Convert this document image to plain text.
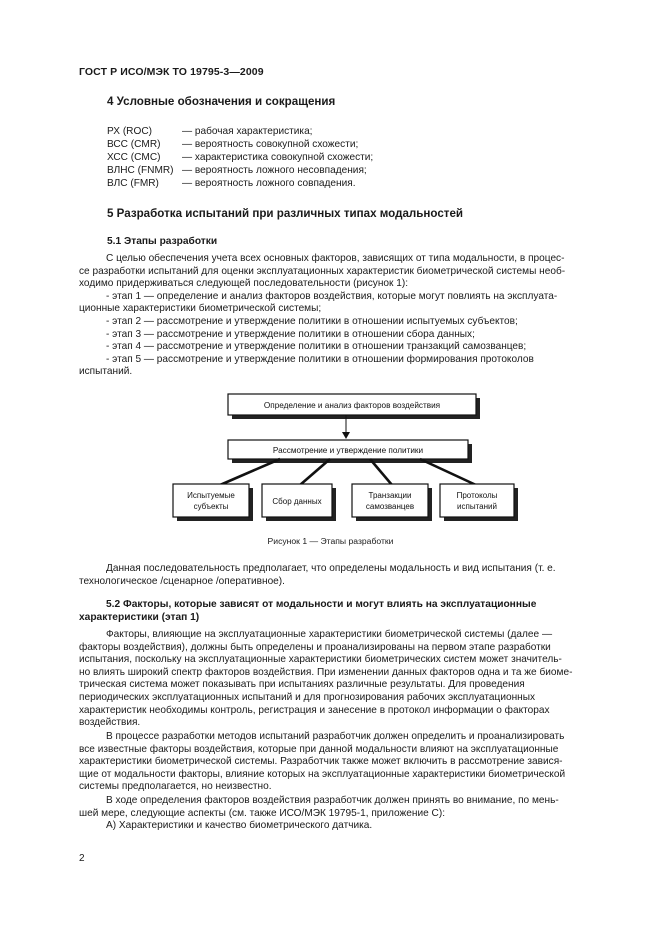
ГОСТ Р ИСО/МЭК ТО 19795-3—2009
4 Условные обозначения и сокращения
РХ (ROC)	— рабочая характеристика;
ВСС (CMR)	— вероятность совокупной схожести;
ХСС (CMC)	— характеристика совокупной схожести;
ВЛНС (FNMR) — вероятность ложного несовпадения;
ВЛС (FMR)	— вероятность ложного совпадения.
5 Разработка испытаний при различных типах модальностей
5.1 Этапы разработки
С целью обеспечения учета всех основных факторов, зависящих от типа модальности, в процес-
се разработки испытаний для оценки эксплуатационных характеристик биометрической системы необ-
ходимо придерживаться следующей последовательности (рисунок 1):
- этап 1 — определение и анализ факторов воздействия, которые могут повлиять на эксплуата-
ционные характеристики биометрической системы;
- этап 2 — рассмотрение и утверждение политики в отношении испытуемых субъектов;
- этап 3 — рассмотрение и утверждение политики в отношении сбора данных;
- этап 4 — рассмотрение и утверждение политики в отношении транзакций самозванцев;
- этап 5 — рассмотрение и утверждение политики в отношении формирования протоколов
испытаний.
Определение и анализ факторов воздействия
Рассмотрение и утверждение политики
Испытуемые
субъекты
Сбор данных
Транзакции
самозванцев
Протоколы
испытаний
Рисунок 1 — Этапы разработки
Данная последовательность предполагает, что определены модальность и вид испытания (т. е.
технологическое /сценарное /оперативное).
5.2 Факторы, которые зависят от модальности и могут влиять на эксплуатационные
характеристики (этап 1)
Факторы, влияющие на эксплуатационные характеристики биометрической системы (далее —
факторы воздействия), должны быть определены и проанализированы на первом этапе разработки
испытания, поскольку на эксплуатационные характеристики биометрических систем может значитель-
но влиять широкий спектр факторов воздействия. При изменении данных факторов одна и та же биоме-
трическая система может показывать при испытаниях различные результаты. Для проведения
периодических эксплуатационных испытаний и для прогнозирования рабочих эксплуатационных
характеристик необходимы контроль, регистрация и занесение в протокол информации о факторах
воздействия.
В процессе разработки методов испытаний разработчик должен определить и проанализировать
все известные факторы воздействия, которые при данной модальности влияют на эксплуатационные
характеристики биометрической системы. Разработчик также может включить в рассмотрение завися-
щие от модальности факторы, влияние которых на эксплуатационные характеристики биометрической
системы предполагается, но неизвестно.
В ходе определения факторов воздействия разработчик должен принять во внимание, по мень-
шей мере, следующие аспекты (см. также ИСО/МЭК 19795-1, приложение С):
А) Характеристики и качество биометрического датчика.
2
